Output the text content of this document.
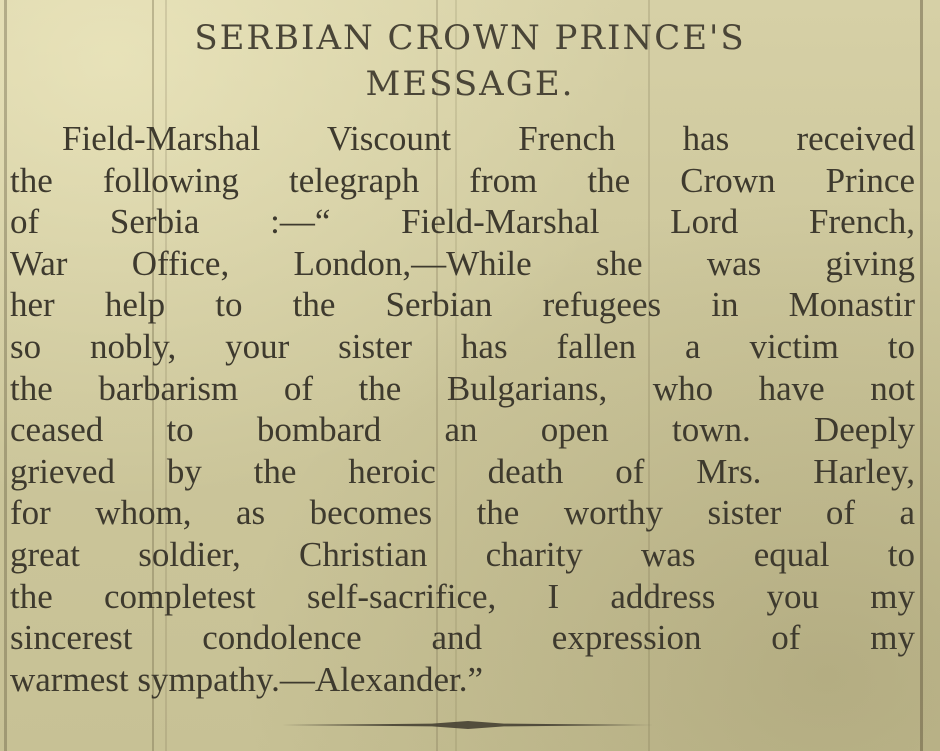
SERBIAN CROWN PRINCE'S
MESSAGE.
Field-Marshal Viscount French has received
the following telegraph from the Crown Prince
of Serbia :—“ Field-Marshal Lord French,
War Office, London,—While she was giving
her help to the Serbian refugees in Monastir
so nobly, your sister has fallen a victim to
the barbarism of the Bulgarians, who have not
ceased to bombard an open town. Deeply
grieved by the heroic death of Mrs. Harley,
for whom, as becomes the worthy sister of a
great soldier, Christian charity was equal to
the completest self-sacrifice, I address you my
sincerest condolence and expression of my
warmest sympathy.—Alexander.”
